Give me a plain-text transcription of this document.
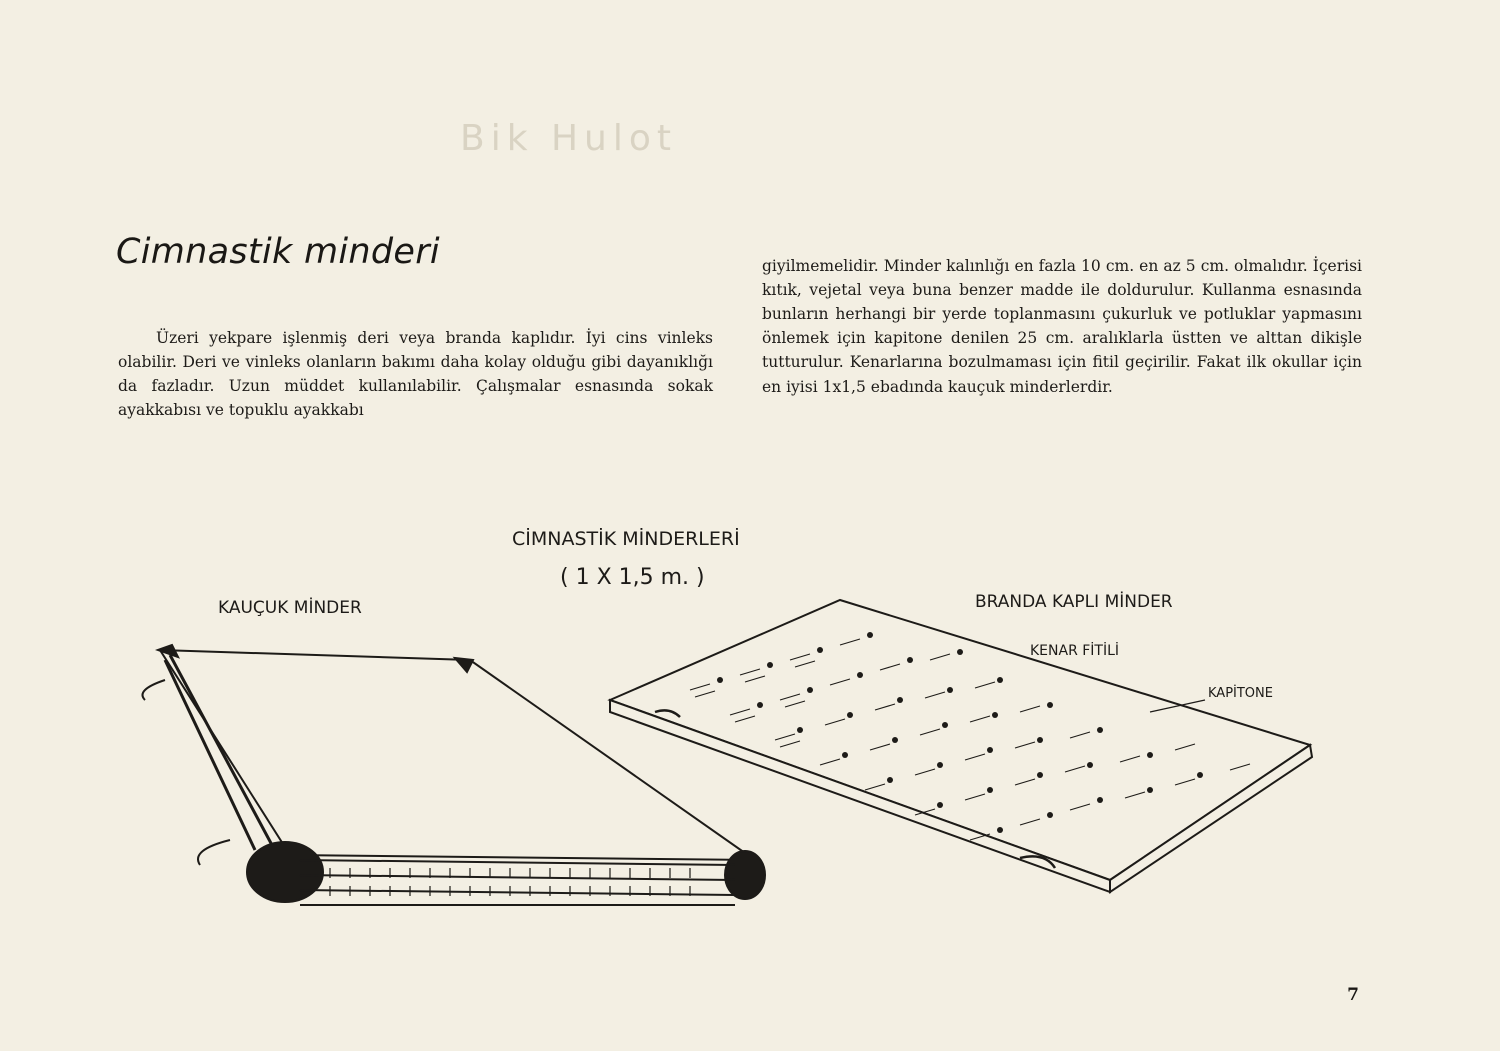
Bik Hulot
Cimnastik minderi

Üzeri yekpare işlenmiş deri veya branda kaplıdır. İyi cins vinleks olabilir. Deri ve vinleks olanların bakımı daha kolay olduğu gibi dayanıklığı da fazladır. Uzun müddet kullanılabilir. Çalışmalar esnasında sokak ayakkabısı ve topuklu ayakkabı

giyilmemelidir. Minder kalınlığı en fazla 10 cm. en az 5 cm. olmalıdır. İçerisi kıtık, vejetal veya buna benzer madde ile doldurulur. Kullanma esnasında bunların herhangi bir yerde toplanmasını çukurluk ve potluklar yapmasını önlemek için kapitone denilen 25 cm. aralıklarla üstten ve alttan dikişle tutturulur. Kenarlarına bozulmaması için fitil geçirilir. Fakat ilk okullar için en iyisi 1x1,5 ebadında kauçuk minderlerdir.

CİMNASTİK MİNDERLERİ
( 1 X 1,5 m. )
KAUÇUK MİNDER	BRANDA KAPLI MİNDER
KENAR FİTİLİ
KAPİTONE
7
